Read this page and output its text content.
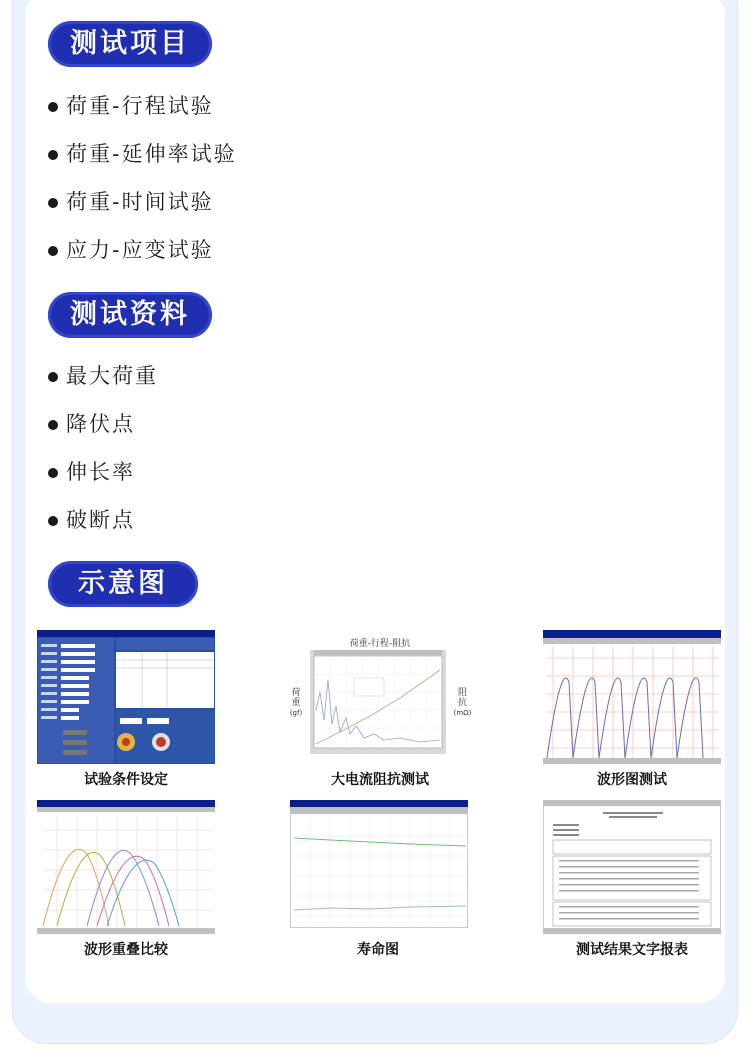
测试项目
荷重-行程试验
荷重-延伸率试验
荷重-时间试验
应力-应变试验
测试资料
最大荷重
降伏点
伸长率
破断点
示意图
试验条件设定
荷重-行程-阻抗
荷
重
(gf)
阻
抗
(mΩ)
大电流阻抗测试	波形图测试
波形重叠比较	寿命图	测试结果文字报表
